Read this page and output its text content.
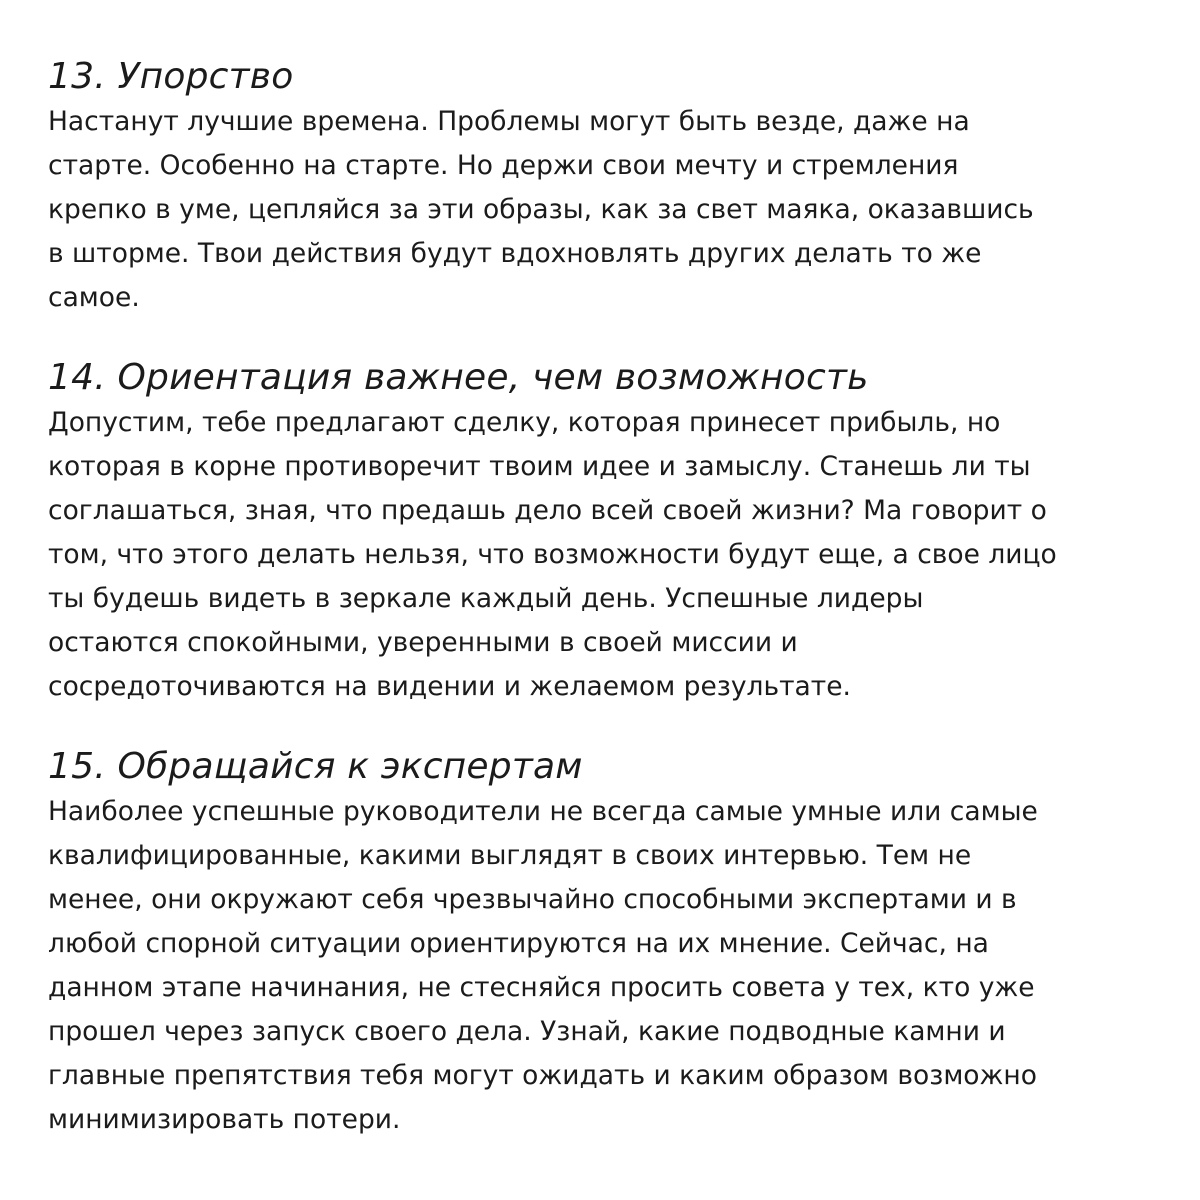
13. Упорство

Настанут лучшие времена. Проблемы могут быть везде, даже на
старте. Особенно на старте. Но держи свои мечту и стремления
крепко в уме, цепляйся за эти образы, как за свет маяка, оказавшись
в шторме. Твои действия будут вдохновлять других делать то же
самое.

14. Ориентация важнее, чем возможность

Допустим, тебе предлагают сделку, которая принесет прибыль, но
которая в корне противоречит твоим идее и замыслу. Станешь ли ты
соглашаться, зная, что предашь дело всей своей жизни? Ма говорит о
том, что этого делать нельзя, что возможности будут еще, а свое лицо
ты будешь видеть в зеркале каждый день. Успешные лидеры
остаются спокойными, уверенными в своей миссии и
сосредоточиваются на видении и желаемом результате.

15. Обращайся к экспертам

Наиболее успешные руководители не всегда самые умные или самые
квалифицированные, какими выглядят в своих интервью. Тем не
менее, они окружают себя чрезвычайно способными экспертами и в
любой спорной ситуации ориентируются на их мнение. Сейчас, на
данном этапе начинания, не стесняйся просить совета у тех, кто уже
прошел через запуск своего дела. Узнай, какие подводные камни и
главные препятствия тебя могут ожидать и каким образом возможно
минимизировать потери.
